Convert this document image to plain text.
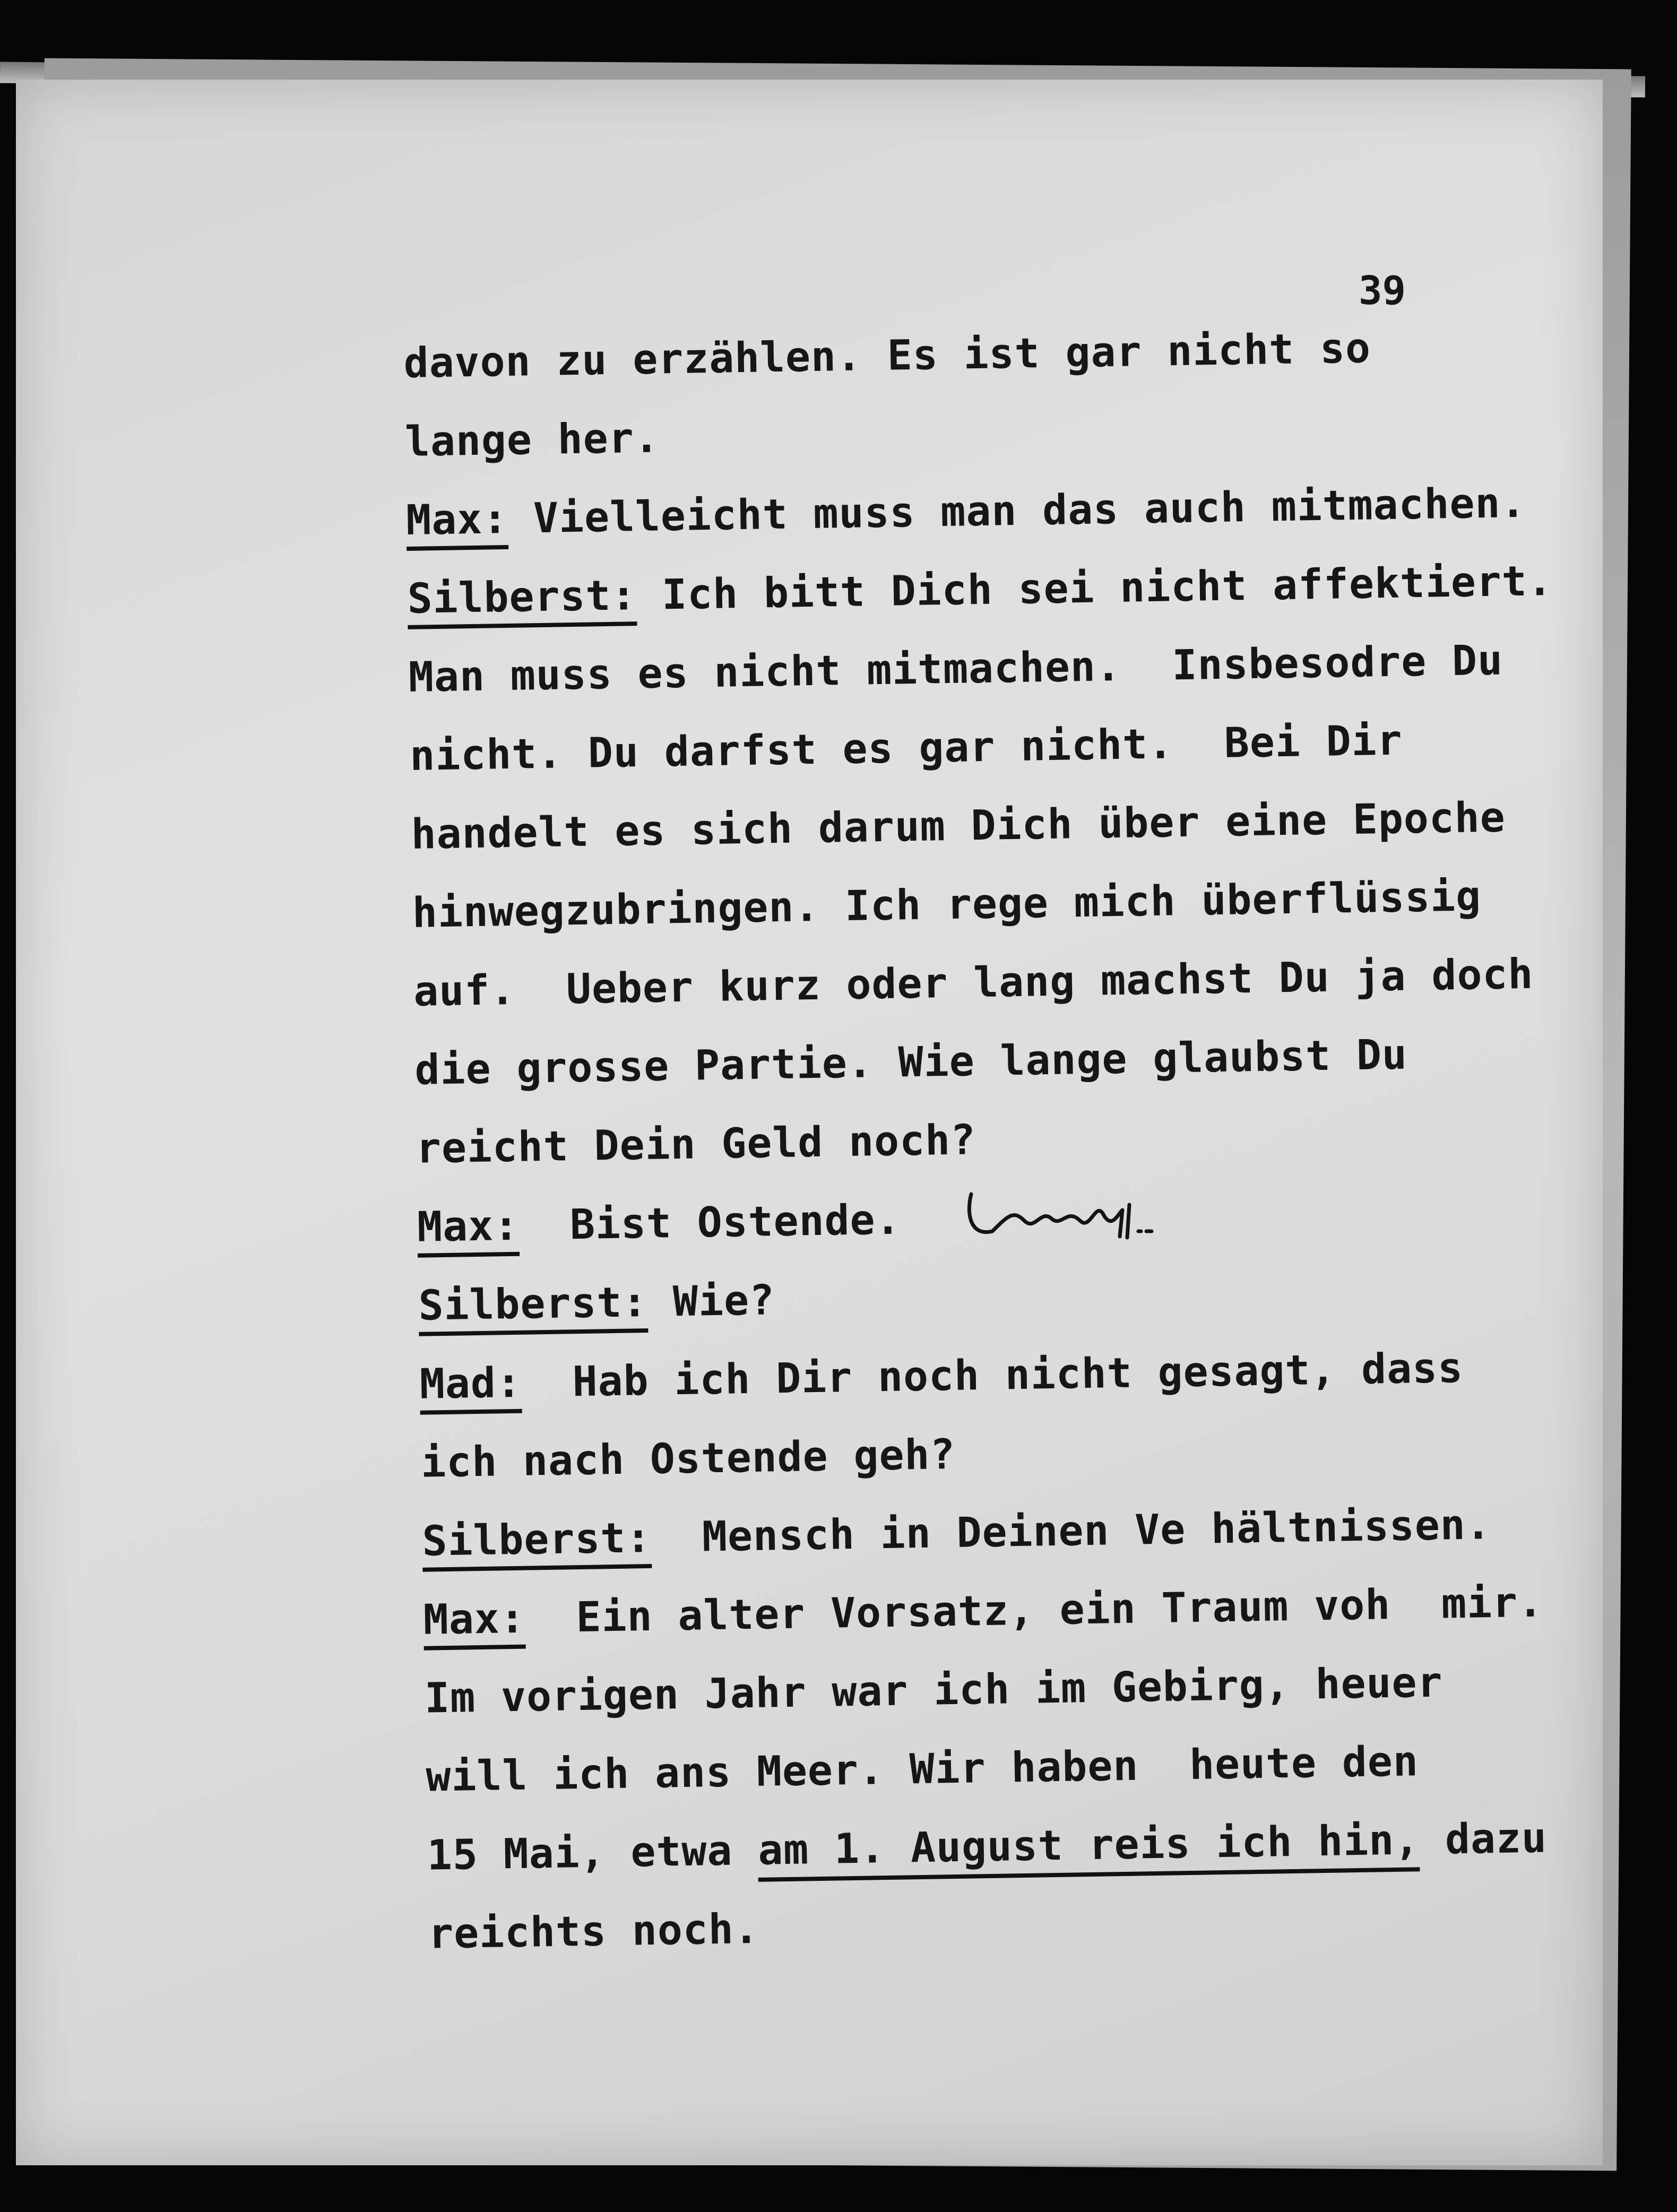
39
davon zu erzählen. Es ist gar nicht so
lange her.
Max: Vielleicht muss man das auch mitmachen.
Silberst: Ich bitt Dich sei nicht affektiert.
Man muss es nicht mitmachen.  Insbesodre Du
nicht. Du darfst es gar nicht.  Bei Dir
handelt es sich darum Dich über eine Epoche
hinwegzubringen. Ich rege mich überflüssig
auf.  Ueber kurz oder lang machst Du ja doch
die grosse Partie. Wie lange glaubst Du
reicht Dein Geld noch?
Max:  Bist Ostende.
Silberst: Wie?
Mad:  Hab ich Dir noch nicht gesagt, dass
ich nach Ostende geh?
Silberst:  Mensch in Deinen Ve hältnissen.
Max:  Ein alter Vorsatz, ein Traum voh  mir.
Im vorigen Jahr war ich im Gebirg, heuer
will ich ans Meer. Wir haben  heute den
15 Mai, etwa am 1. August reis ich hin, dazu
reichts noch.
